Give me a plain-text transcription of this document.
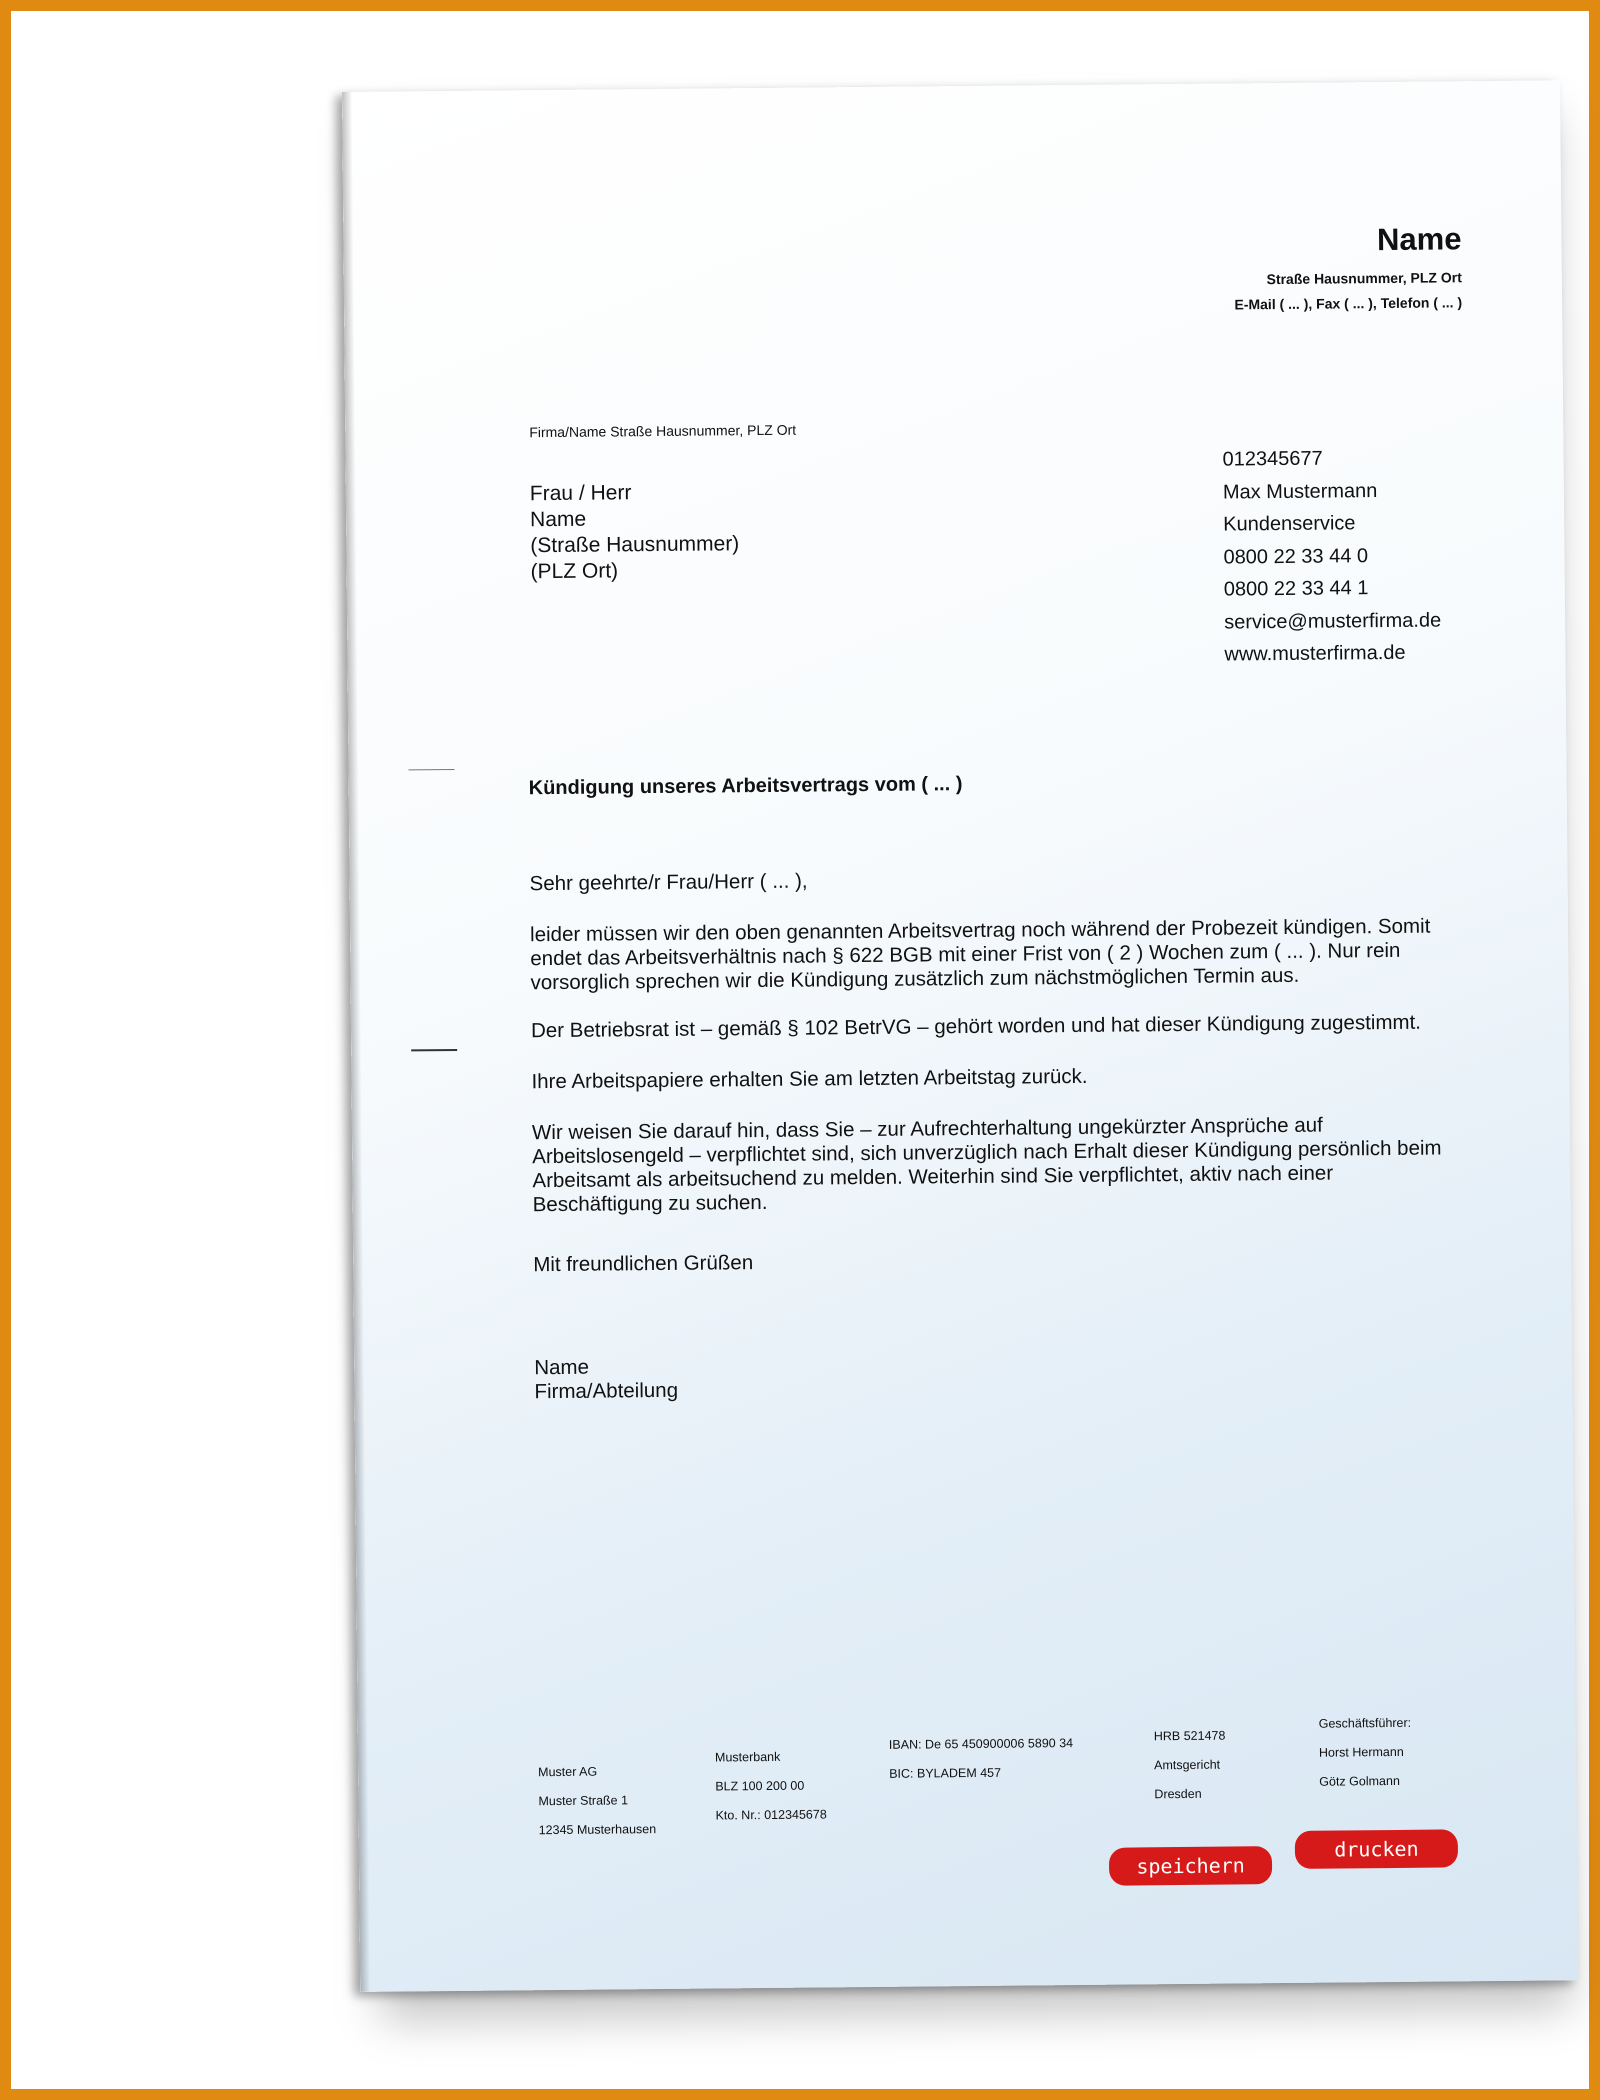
Name
Straße Hausnummer, PLZ Ort
E-Mail ( ... ), Fax ( ... ), Telefon ( ... )
Firma/Name Straße Hausnummer, PLZ Ort
Frau / Herr
Name
(Straße Hausnummer)
(PLZ Ort)
012345677
Max Mustermann
Kundenservice
0800 22 33 44 0
0800 22 33 44 1
service@musterfirma.de
www.musterfirma.de
Kündigung unseres Arbeitsvertrags vom ( ... )
Sehr geehrte/r Frau/Herr ( ... ),
leider müssen wir den oben genannten Arbeitsvertrag noch während der Probezeit kündigen. Somit endet das Arbeitsverhältnis nach § 622 BGB mit einer Frist von ( 2 ) Wochen zum ( ... ). Nur rein vorsorglich sprechen wir die Kündigung zusätzlich zum nächstmöglichen Termin aus.
Der Betriebsrat ist – gemäß § 102 BetrVG – gehört worden und hat dieser Kündigung zugestimmt.
Ihre Arbeitspapiere erhalten Sie am letzten Arbeitstag zurück.
Wir weisen Sie darauf hin, dass Sie – zur Aufrechterhaltung ungekürzter Ansprüche auf Arbeitslosengeld – verpflichtet sind, sich unverzüglich nach Erhalt dieser Kündigung persönlich beim Arbeitsamt als arbeitsuchend zu melden. Weiterhin sind Sie verpflichtet, aktiv nach einer Beschäftigung zu suchen.
Mit freundlichen Grüßen
Name
Firma/Abteilung
Muster AG
Muster Straße 1
12345 Musterhausen
Musterbank
BLZ 100 200 00
Kto. Nr.: 012345678
IBAN: De 65 450900006 5890 34
BIC: BYLADEM 457
HRB 521478
Amtsgericht
Dresden
Geschäftsführer:
Horst Hermann
Götz Golmann
speichern
drucken
